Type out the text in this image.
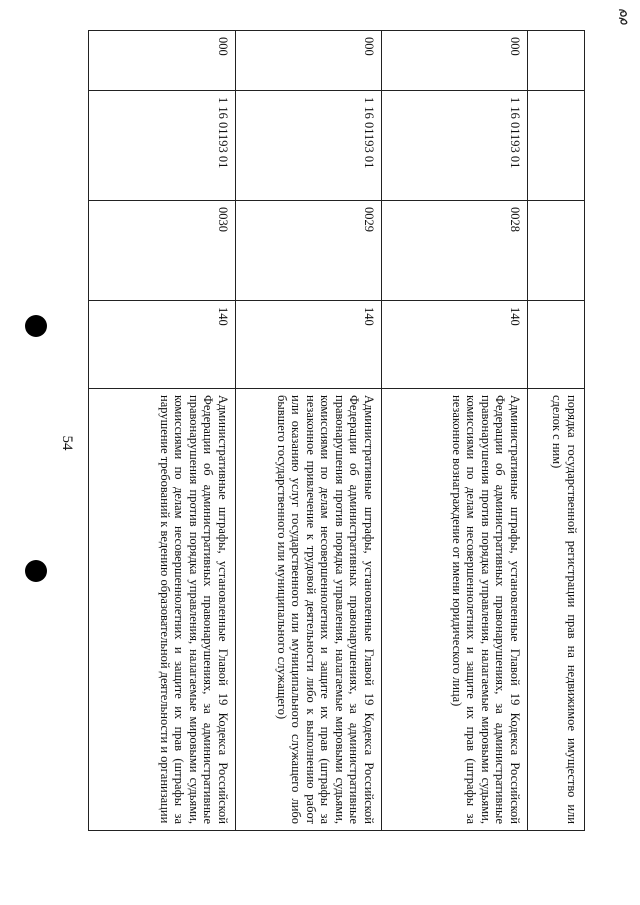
54
					порядка государственной регистрации прав на недвижимое имущество или сделок с ним)
000	1 16 01193 01	0028	140	Административные штрафы, установленные Главой 19 Кодекса Российской Федерации об административных правонарушениях, за административные правонарушения против порядка управления, налагаемые мировыми судьями, комиссиями по делам несовершеннолетних и защите их прав (штрафы за незаконное вознаграждение от имени юридического лица)
000	1 16 01193 01	0029	140	Административные штрафы, установленные Главой 19 Кодекса Российской Федерации об административных правонарушениях, за административные правонарушения против порядка управления, налагаемые мировыми судьями, комиссиями по делам несовершеннолетних и защите их прав (штрафы за незаконное привлечение к трудовой деятельности либо к выполнению работ или оказанию услуг государственного или муниципального служащего либо бывшего государственного или муниципального служащего)
000	1 16 01193 01	0030	140	Административные штрафы, установленные Главой 19 Кодекса Российской Федерации об административных правонарушениях, за административные правонарушения против порядка управления, налагаемые мировыми судьями, комиссиями по делам несовершеннолетних и защите их прав (штрафы за нарушение требований к ведению образовательной деятельности и организации
